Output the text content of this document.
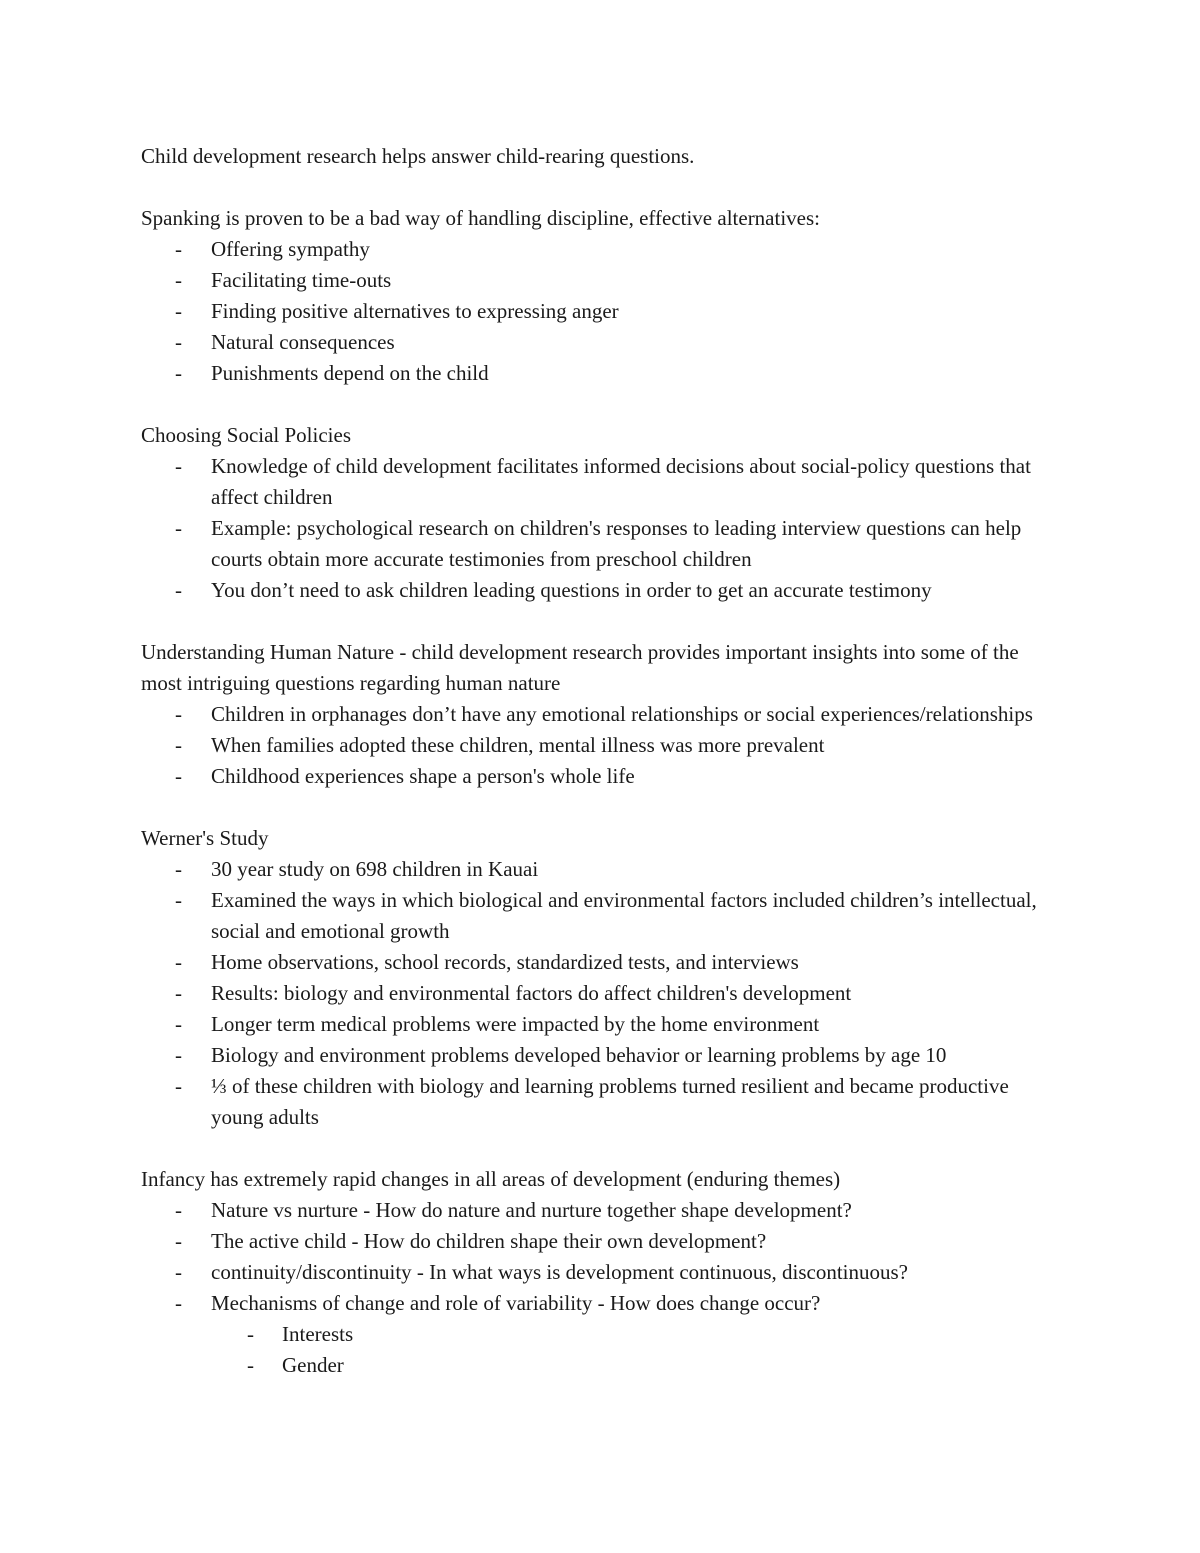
Child development research helps answer child-rearing questions.

Spanking is proven to be a bad way of handling discipline, effective alternatives:

- Offering sympathy
- Facilitating time-outs
- Finding positive alternatives to expressing anger
- Natural consequences
- Punishments depend on the child

Choosing Social Policies

- Knowledge of child development facilitates informed decisions about social-policy questions that affect children
- Example: psychological research on children's responses to leading interview questions can help courts obtain more accurate testimonies from preschool children
- You don’t need to ask children leading questions in order to get an accurate testimony

Understanding Human Nature - child development research provides important insights into some of the most intriguing questions regarding human nature

- Children in orphanages don’t have any emotional relationships or social experiences/relationships
- When families adopted these children, mental illness was more prevalent
- Childhood experiences shape a person's whole life

Werner's Study

- 30 year study on 698 children in Kauai
- Examined the ways in which biological and environmental factors included children’s intellectual, social and emotional growth
- Home observations, school records, standardized tests, and interviews
- Results: biology and environmental factors do affect children's development
- Longer term medical problems were impacted by the home environment
- Biology and environment problems developed behavior or learning problems by age 10
- ⅓ of these children with biology and learning problems turned resilient and became productive young adults

Infancy has extremely rapid changes in all areas of development (enduring themes)

- Nature vs nurture - How do nature and nurture together shape development?
- The active child - How do children shape their own development?
- continuity/discontinuity - In what ways is development continuous, discontinuous?
- Mechanisms of change and role of variability - How does change occur?
- Interests
- Gender
